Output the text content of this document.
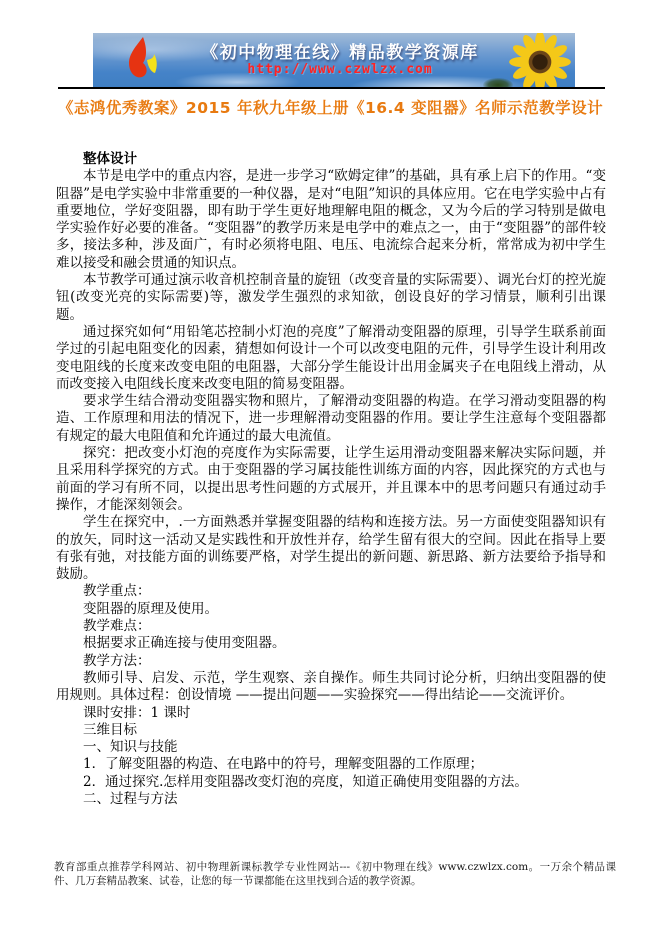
《初中物理在线》精品教学资源库
http://www.czwlzx.com
《志鸿优秀教案》2015 年秋九年级上册《16.4 变阻器》名师示范教学设计

整体设计

本节是电学中的重点内容，是进一步学习“欧姆定律”的基础，具有承上启下的作用。“变阻器”是电学实验中非常重要的一种仪器，是对“电阻”知识的具体应用。它在电学实验中占有重要地位，学好变阻器，即有助于学生更好地理解电阻的概念，又为今后的学习特别是做电学实验作好必要的准备。“变阻器”的教学历来是电学中的难点之一，由于“变阻器”的部件较多，接法多种，涉及面广，有时必须将电阻、电压、电流综合起来分析，常常成为初中学生难以接受和融会贯通的知识点。

本节教学可通过演示收音机控制音量的旋钮（改变音量的实际需要）、调光台灯的控光旋钮(改变光亮的实际需要)等，激发学生强烈的求知欲，创设良好的学习情景，顺利引出课题。

通过探究如何“用铅笔芯控制小灯泡的亮度”了解滑动变阻器的原理，引导学生联系前面学过的引起电阻变化的因素，猜想如何设计一个可以改变电阻的元件，引导学生设计利用改变电阻线的长度来改变电阻的电阻器，大部分学生能设计出用金属夹子在电阻线上滑动，从而改变接入电阻线长度来改变电阻的简易变阻器。

要求学生结合滑动变阻器实物和照片，了解滑动变阻器的构造。在学习滑动变阻器的构造、工作原理和用法的情况下，进一步理解滑动变阻器的作用。要让学生注意每个变阻器都有规定的最大电阻值和允许通过的最大电流值。

探究：把改变小灯泡的亮度作为实际需要，让学生运用滑动变阻器来解决实际问题，并且采用科学探究的方式。由于变阻器的学习属技能性训练方面的内容，因此探究的方式也与前面的学习有所不同，以提出思考性问题的方式展开，并且课本中的思考问题只有通过动手操作，才能深刻领会。

学生在探究中，.一方面熟悉并掌握变阻器的结构和连接方法。另一方面使变阻器知识有的放矢，同时这一活动又是实践性和开放性并存，给学生留有很大的空间。因此在指导上要有张有弛，对技能方面的训练要严格，对学生提出的新问题、新思路、新方法要给予指导和鼓励。

教学重点：

变阻器的原理及使用。

教学难点：

根据要求正确连接与使用变阻器。

教学方法：

教师引导、启发、示范，学生观察、亲自操作。师生共同讨论分析，归纳出变阻器的使用规则。具体过程：创设情境 ——提出问题——实验探究——得出结论——交流评价。

课时安排：1 课时

三维目标

一、知识与技能

1．了解变阻器的构造、在电路中的符号，理解变阻器的工作原理；

2．通过探究.怎样用变阻器改变灯泡的亮度，知道正确使用变阻器的方法。

二、过程与方法

教育部重点推荐学科网站、初中物理新课标教学专业性网站---《初中物理在线》www.czwlzx.com。一万余个精品课件、几万套精品教案、试卷，让您的每一节课都能在这里找到合适的教学资源。
